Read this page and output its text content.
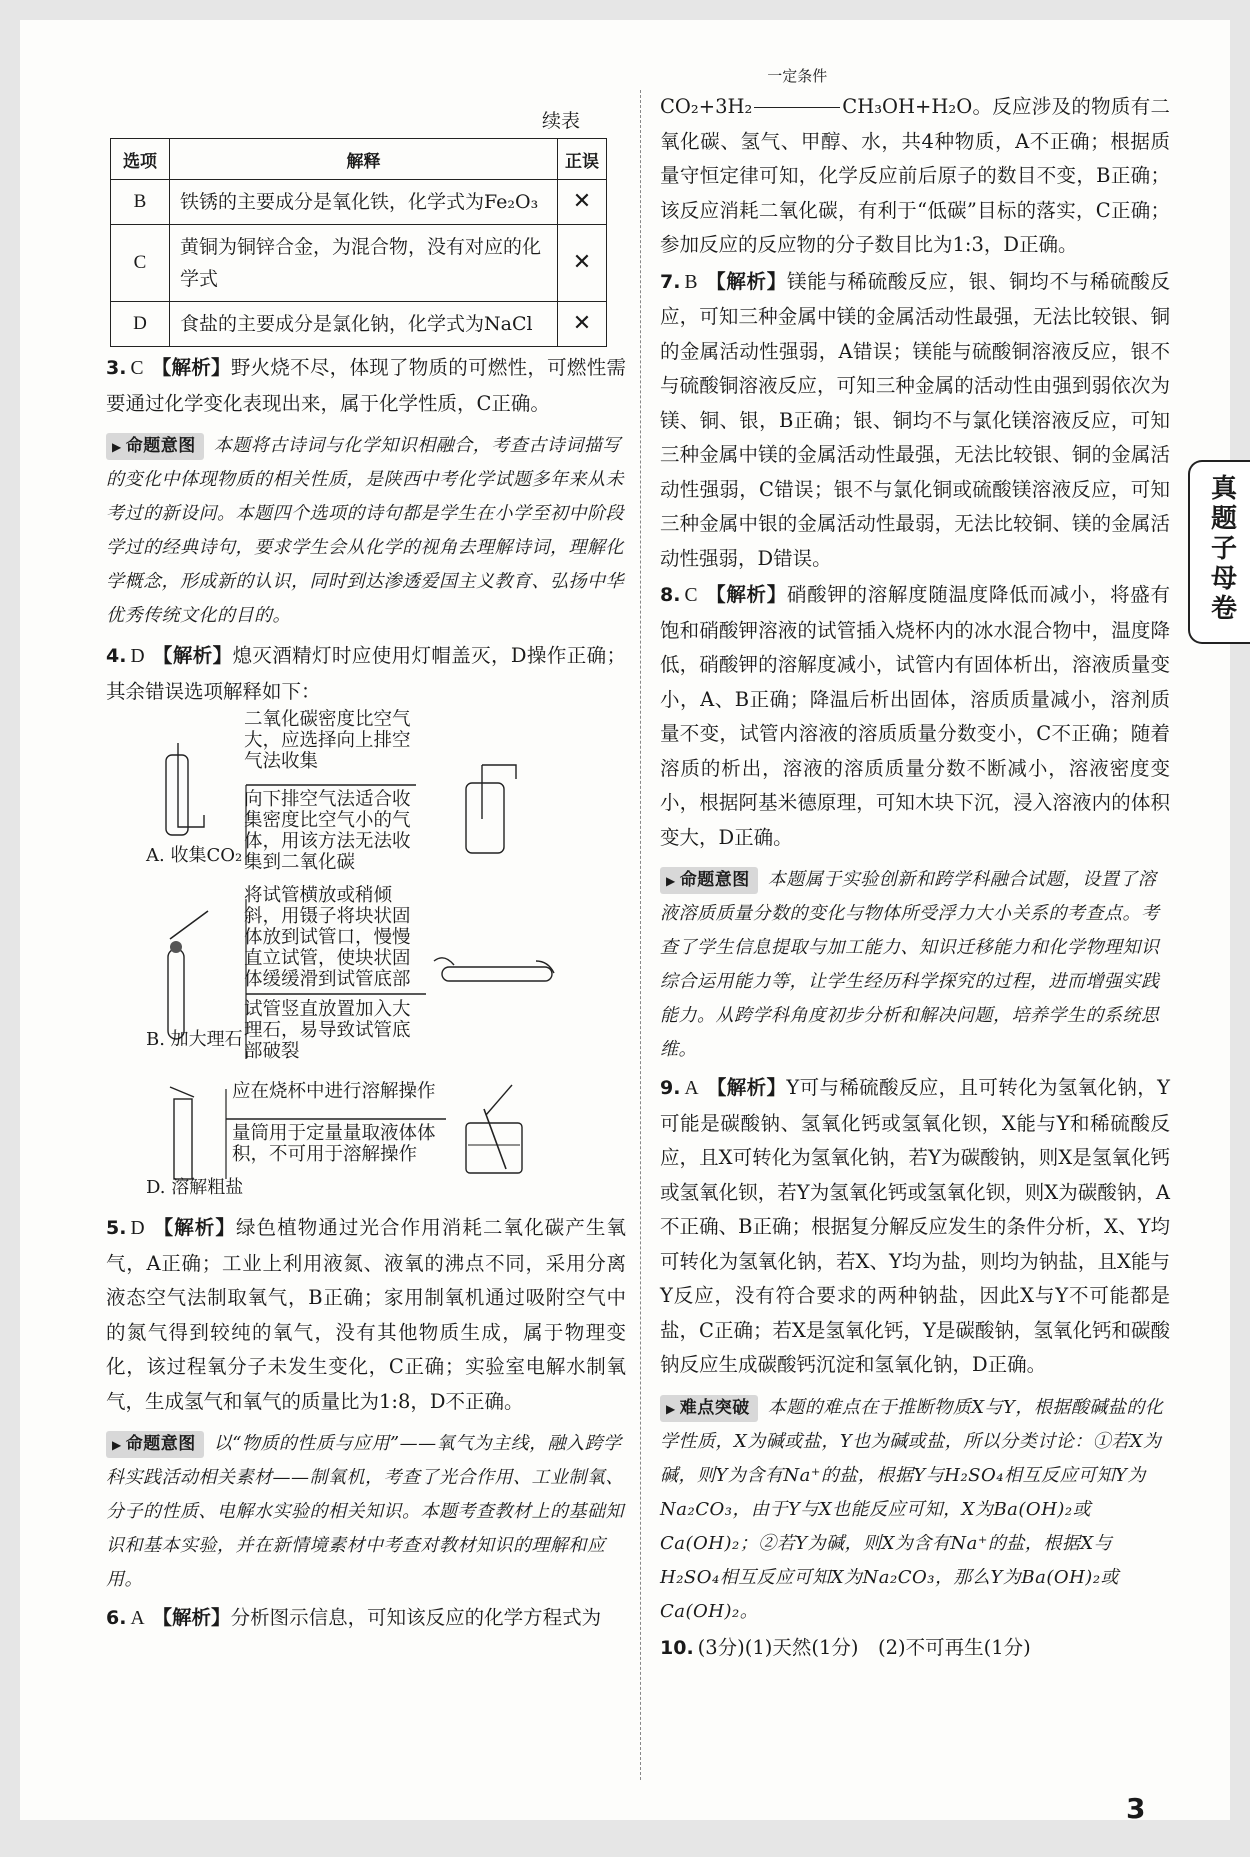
续表
选项	解释	正误
B	铁锈的主要成分是氧化铁，化学式为Fe₂O₃	✕
C	黄铜为铜锌合金，为混合物，没有对应的化学式	✕
D	食盐的主要成分是氯化钠，化学式为NaCl	✕

3. C 【解析】野火烧不尽，体现了物质的可燃性，可燃性需要通过化学变化表现出来，属于化学性质，C正确。

▶ 命题意图 本题将古诗词与化学知识相融合，考查古诗词描写的变化中体现物质的相关性质，是陕西中考化学试题多年来从未考过的新设问。本题四个选项的诗句都是学生在小学至初中阶段学过的经典诗句，要求学生会从化学的视角去理解诗词，理解化学概念，形成新的认识，同时到达渗透爱国主义教育、弘扬中华优秀传统文化的目的。

4. D 【解析】熄灭酒精灯时应使用灯帽盖灭，D操作正确；其余错误选项解释如下：

二氧化碳密度比空气大，应选择向上排空气法收集
向下排空气法适合收集密度比空气小的气体，用该方法无法收集到二氧化碳
A. 收集CO₂
将试管横放或稍倾斜，用镊子将块状固体放到试管口，慢慢直立试管，使块状固体缓缓滑到试管底部
试管竖直放置加入大理石，易导致试管底部破裂
B. 加大理石
应在烧杯中进行溶解操作
量筒用于定量量取液体体积，不可用于溶解操作
D. 溶解粗盐

5. D 【解析】绿色植物通过光合作用消耗二氧化碳产生氧气，A正确；工业上利用液氮、液氧的沸点不同，采用分离液态空气法制取氧气，B正确；家用制氧机通过吸附空气中的氮气得到较纯的氧气，没有其他物质生成，属于物理变化，该过程氧分子未发生变化，C正确；实验室电解水制氧气，生成氢气和氧气的质量比为1:8，D不正确。

▶ 命题意图 以“物质的性质与应用”——氧气为主线，融入跨学科实践活动相关素材——制氧机，考查了光合作用、工业制氧、分子的性质、电解水实验的相关知识。本题考查教材上的基础知识和基本实验，并在新情境素材中考查对教材知识的理解和应用。

6. A 【解析】分析图示信息，可知该反应的化学方程式为

CO₂+3H₂
一定条件
CH₃OH+H₂O。反应涉及的物质有二氧化碳、氢气、甲醇、水，共4种物质，A不正确；根据质量守恒定律可知，化学反应前后原子的数目不变，B正确；该反应消耗二氧化碳，有利于“低碳”目标的落实，C正确；参加反应的反应物的分子数目比为1:3，D正确。

7. B 【解析】镁能与稀硫酸反应，银、铜均不与稀硫酸反应，可知三种金属中镁的金属活动性最强，无法比较银、铜的金属活动性强弱，A错误；镁能与硫酸铜溶液反应，银不与硫酸铜溶液反应，可知三种金属的活动性由强到弱依次为镁、铜、银，B正确；银、铜均不与氯化镁溶液反应，可知三种金属中镁的金属活动性最强，无法比较银、铜的金属活动性强弱，C错误；银不与氯化铜或硫酸镁溶液反应，可知三种金属中银的金属活动性最弱，无法比较铜、镁的金属活动性强弱，D错误。

8. C 【解析】硝酸钾的溶解度随温度降低而减小，将盛有饱和硝酸钾溶液的试管插入烧杯内的冰水混合物中，温度降低，硝酸钾的溶解度减小，试管内有固体析出，溶液质量变小，A、B正确；降温后析出固体，溶质质量减小，溶剂质量不变，试管内溶液的溶质质量分数变小，C不正确；随着溶质的析出，溶液的溶质质量分数不断减小，溶液密度变小，根据阿基米德原理，可知木块下沉，浸入溶液内的体积变大，D正确。

▶ 命题意图 本题属于实验创新和跨学科融合试题，设置了溶液溶质质量分数的变化与物体所受浮力大小关系的考查点。考查了学生信息提取与加工能力、知识迁移能力和化学物理知识综合运用能力等，让学生经历科学探究的过程，进而增强实践能力。从跨学科角度初步分析和解决问题，培养学生的系统思维。

9. A 【解析】Y可与稀硫酸反应，且可转化为氢氧化钠，Y可能是碳酸钠、氢氧化钙或氢氧化钡，X能与Y和稀硫酸反应，且X可转化为氢氧化钠，若Y为碳酸钠，则X是氢氧化钙或氢氧化钡，若Y为氢氧化钙或氢氧化钡，则X为碳酸钠，A不正确、B正确；根据复分解反应发生的条件分析，X、Y均可转化为氢氧化钠，若X、Y均为盐，则均为钠盐，且X能与Y反应，没有符合要求的两种钠盐，因此X与Y不可能都是盐，C正确；若X是氢氧化钙，Y是碳酸钠，氢氧化钙和碳酸钠反应生成碳酸钙沉淀和氢氧化钠，D正确。

▶ 难点突破 本题的难点在于推断物质X与Y，根据酸碱盐的化学性质，X为碱或盐，Y也为碱或盐，所以分类讨论：①若X为碱，则Y为含有Na⁺的盐，根据Y与H₂SO₄相互反应可知Y为Na₂CO₃，由于Y与X也能反应可知，X为Ba(OH)₂或Ca(OH)₂；②若Y为碱，则X为含有Na⁺的盐，根据X与H₂SO₄相互反应可知X为Na₂CO₃，那么Y为Ba(OH)₂或Ca(OH)₂。

10. (3分)(1)天然(1分)　(2)不可再生(1分)

真题子母卷
3
